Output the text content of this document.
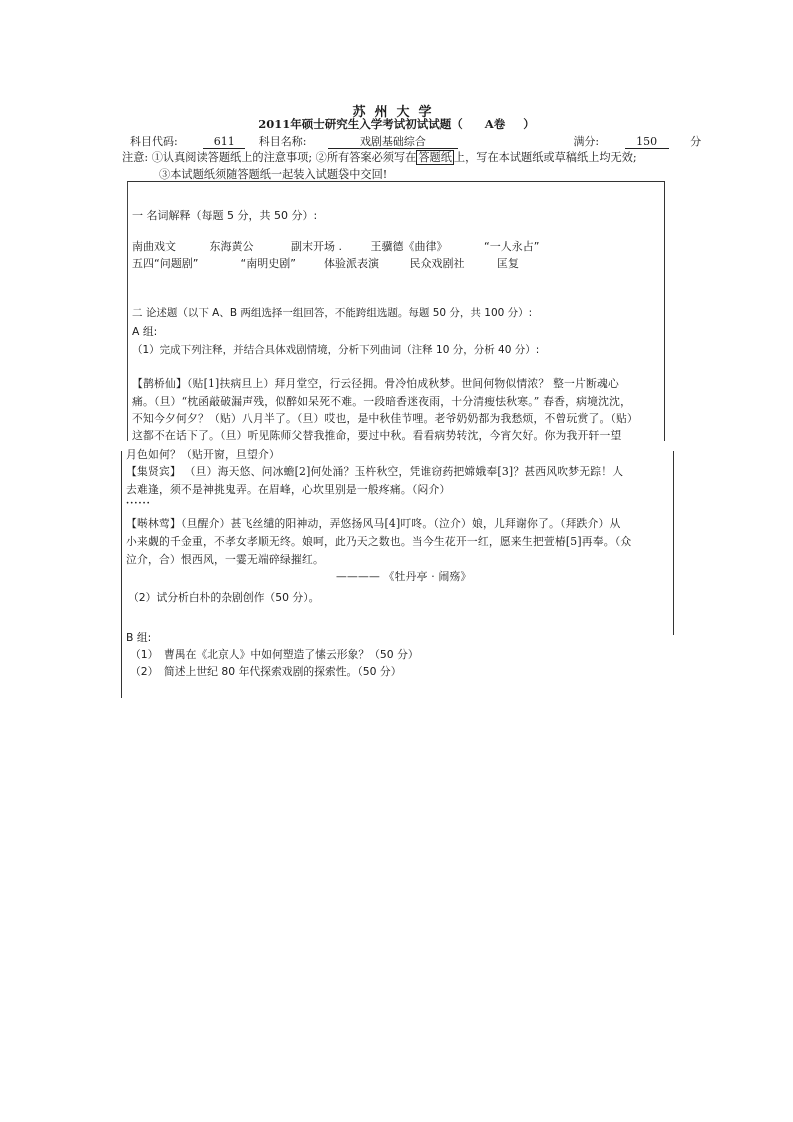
苏州大学
2011年硕士研究生入学考试初试试题（ A卷 ）
科目代码:	611 科目名称:	戏剧基础综合	满分:	150	分
注意: ①认真阅读答题纸上的注意事项; ②所有答案必须写在 答题纸 上，写在本试题纸或草稿纸上均无效;
③本试题纸须随答题纸一起装入试题袋中交回!
一 名词解释（每题 5 分，共 50 分）:
南曲戏文	东海黄公	副末开场 .	王骥德《曲律》	“一人永占”
五四“问题剧”	“南明史剧”	体验派表演	民众戏剧社	匡复
二 论述题（以下 A、B 两组选择一组回答，不能跨组选题。每题 50 分，共 100 分）:
A 组:
（1）完成下列注释，并结合具体戏剧情境，分析下列曲词（注释 10 分，分析 40 分）:
【鹊桥仙】（贴[1]扶病旦上）拜月堂空，行云径拥。骨冷怕成秋梦。世间何物似情浓？ 整一片断魂心
痛。（旦）“枕函敲破漏声残，似醉如呆死不难。一段暗香迷夜雨，十分清瘦怯秋寒。” 春香，病境沈沈，
不知今夕何夕？（贴）八月半了。（旦）哎也，是中秋佳节哩。老爷奶奶都为我愁烦，不曾玩赏了。（贴）
这都不在话下了。（旦）听见陈师父替我推命，要过中秋。看看病势转沈，今宵欠好。你为我开轩一望
月色如何？（贴开窗，旦望介）
【集贤宾】 （旦）海天悠、问冰蟾[2]何处涌？玉杵秋空，凭谁窃药把嫦娥奉[3]？甚西风吹梦无踪！人
去难逢，须不是神挑鬼弄。在眉峰，心坎里别是一般疼痛。（闷介）
······
【啭林莺】（旦醒介）甚飞丝缱的阳神动，弄悠扬风马[4]叮咚。（泣介）娘，儿拜谢你了。（拜跌介）从
小来觑的千金重，不孝女孝顺无终。娘呵，此乃天之数也。当今生花开一红，愿来生把萱椿[5]再奉。（众
泣介，合）恨西风，一霎无端碎绿摧红。
———— 《牡丹亭 · 闹殇》
（2）试分析白朴的杂剧创作（50 分）。
B 组:
（1） 曹禺在《北京人》中如何塑造了愫云形象？（50 分）
（2） 简述上世纪 80 年代探索戏剧的探索性。（50 分）
